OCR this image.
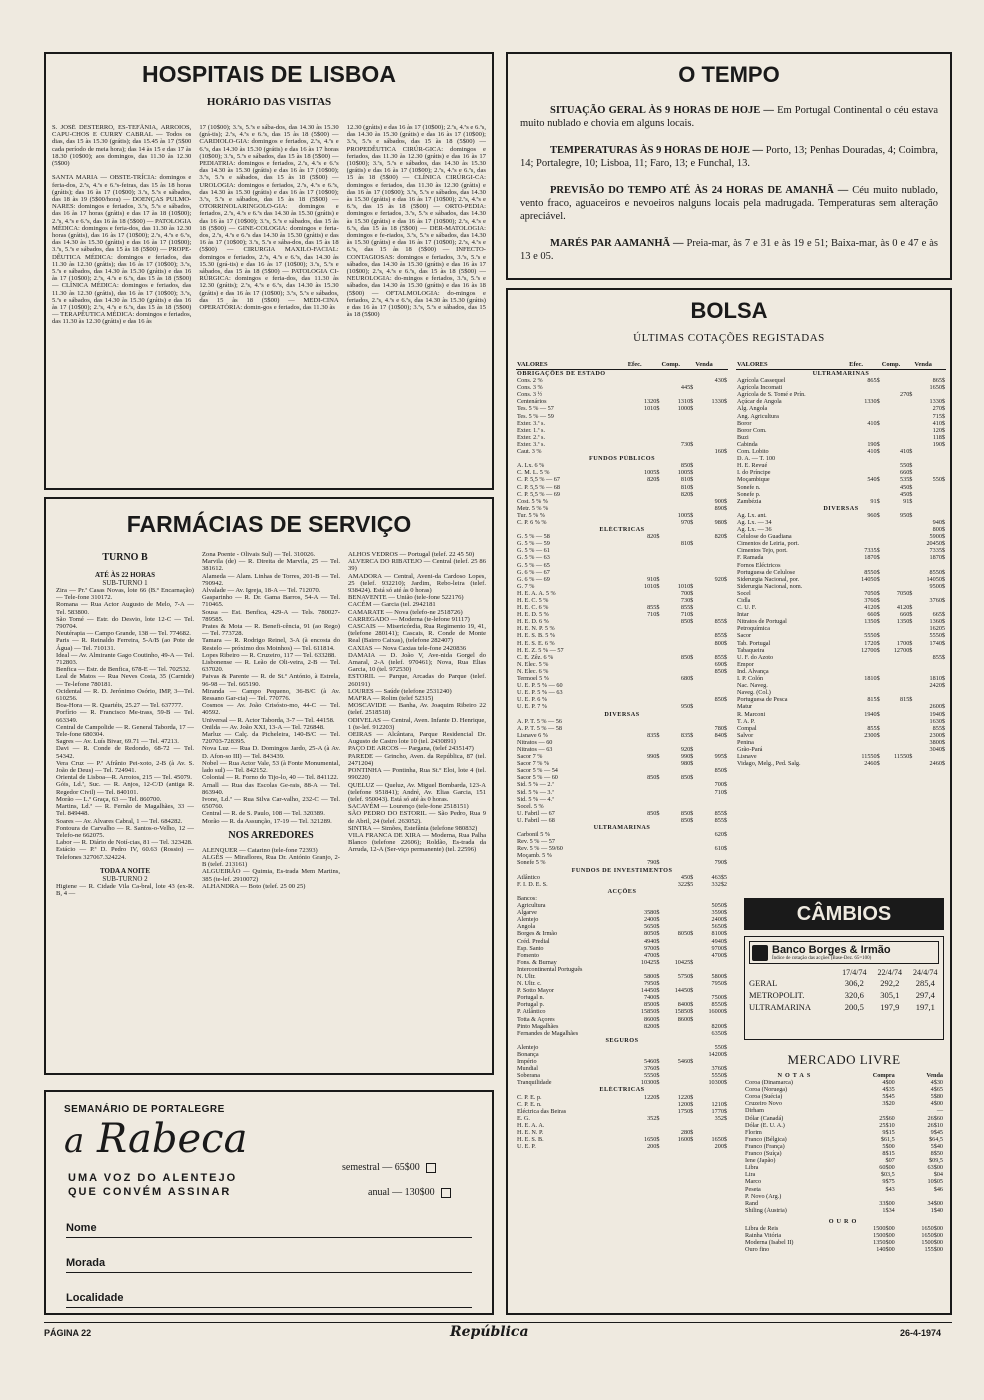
HOSPITAIS DE LISBOA
HORÁRIO DAS VISITAS
S. JOSÉ DESTERRO, ES-TEFÂNIA, ARROIOS, CAPU-CHOS E CURRY CABRAL — Todos os dias, das 15 às 15.30 (grátis); das 15.45 às 17 (5$00 cada período de meia hora); das 14 às 15 e das 17 às 18.30 (10$00); aos domingos, das 11.30 às 12.30 (5$00)

SANTA MARIA — OBSTE-TRÍCIA: domingos e feria-dos, 2.ªs, 4.ªs e 6.ªs-feiras, das 15 às 18 horas (grátis); das 16 às 17 (10$00); 3.ªs, 5.ªs e sábados, das 18 às 19 (5$00/hora) — DOENÇAS PULMO-NARES: domingos e feriados, 3.ªs, 5.ªs e sábados, das 16 às 17 horas (grátis) e das 17 às 18 (10$00); 2.ªs, 4.ªs e 6.ªs, das 16 às 18 (5$00) — PATOLOGIA MÉDICA: domingos e feria-dos, das 11.30 às 12.30 horas (grátis), das 16 às 17 (10$00); 2.ªs, 4.ªs e 6.ªs, das 14.30 às 15.30 (grátis) e das 16 às 17 (10$00); 3.ªs, 5.ªs e sábados, das 15 às 18 (5$00) — PROPE-DÊUTICA MÉDICA: domingos e feriados, das 11.30 às 12.30 (grátis); das 16 às 17 (10$00); 3.ªs, 5.ªs e sábados, das 14.30 às 15.30 (grátis) e das 16 às 17 (10$00); 2.ªs, 4.ªs e 6.ªs, das 15 às 18 (5$00) — CLÍNICA MÉDICA: domingos e feriados, das 11.30 às 12.30 (grátis), das 16 às 17 (10$00); 3.ªs, 5.ªs e sábados, das 14.30 às 15.30 (grátis) e das 16 às 17 (10$00); 2.ªs, 4.ªs e 6.ªs, das 15 às 18 (5$00) — TERAPÊUTICA MÉDICA: domingos e feriados, das 11.30 às 12.30 (grátis) e das 16 às
17 (10$00); 3.ªs, 5.ªs e sába-dos, das 14.30 às 15.30 (grá-tis); 2.ªs, 4.ªs e 6.ªs, das 15 às 18 (5$00) — CARDIOLO-GIA: domingos e feriados, 2.ªs, 4.ªs e 6.ªs, das 14.30 às 15.30 (grátis) e das 16 às 17 horas (10$00); 3.ªs, 5.ªs e sábados, das 15 às 18 (5$00) — PEDIATRIA: domingos e feriados, 2.ªs, 4.ªs e 6.ªs das 14.30 às 15.30 (grátis) e das 16 às 17 (10$00); 3.ªs, 5.ªs e sábados, das 15 às 18 (5$00) — UROLOGIA: domingos e feriados, 2.ªs, 4.ªs e 6.ªs, das 14.30 às 15.30 (grátis) e das 16 às 17 (10$00); 3.ªs, 5.ªs e sábados, das 15 às 18 (5$00) — OTORRINOLARINGOLO-GIA: domingos e feriados, 2.ªs, 4.ªs e 6.ªs das 14.30 às 15.30 (grátis) e das 16 às 17 (10$00); 3.ªs, 5.ªs e sábados, das 15 às 18 (5$00) — GINE-COLOGIA: domingos e feria-dos, 2.ªs, 4.ªs e 6.ªs das 14.30 às 15.30 (grátis) e das 16 às 17 (10$00); 3.ªs, 5.ªs e sába-dos, das 15 às 18 (5$00) — CIRURGIA MAXILO-FACIAL: domingos e feriados, 2.ªs, 4.ªs e 6.ªs, das 14.30 às 15.30 (grá-tis) e das 16 às 17 (10$00); 3.ªs, 5.ªs e sábados, das 15 às 18 (5$00) — PATOLOGIA CI-RÚRGICA: domingos e feria-dos, das 11.30 às 12.30 (grátis); 2.ªs, 4.ªs e 6.ªs, das 14.30 às 15.30 (grátis) e das 16 às 17 (10$00); 3.ªs, 5.ªs e sábados, das 15 às 18 (5$00) — MEDI-CINA OPERATÓRIA: domin-gos e feriados, das 11.30 às
12.30 (grátis) e das 16 às 17 (10$00); 2.ªs, 4.ªs e 6.ªs, das 14.30 às 15.30 (grátis) e das 16 às 17 (10$00); 3.ªs, 5.ªs e sábados, das 15 às 18 (5$00) — PROPEDÊUTICA CIRÚR-GICA: domingos e feriados, das 11.30 às 12.30 (grátis) e das 16 às 17 (10$00); 3.ªs, 5.ªs e sábados, das 14.30 às 15.30 (grátis) e das 16 às 17 (10$00); 2.ªs, 4.ªs e 6.ªs, das 15 às 18 (5$00) — CLÍNICA CIRÚRGI-CA: domingos e feriados, das 11.30 às 12.30 (grátis) e das 16 às 17 (10$00); 3.ªs, 5.ªs e sábados, das 14.30 às 15.30 (grátis) e das 16 às 17 (10$00); 2.ªs, 4.ªs e 6.ªs, das 15 às 18 (5$00) — ORTO-PEDIA: domingos e feriados, 3.ªs, 5.ªs e sábados, das 14.30 às 15.30 (grátis) e das 16 às 17 (10$00); 2.ªs, 4.ªs e 6.ªs, das 15 às 18 (5$00) — DER-MATOLOGIA: domingos e fe-riados, 3.ªs, 5.ªs e sábados, das 14.30 às 15.30 (grátis) e das 16 às 17 (10$00); 2.ªs, 4.ªs e 6.ªs, das 15 às 18 (5$00) — INFECTO-CONTAGIOSAS: domingos e feriados, 3.ªs, 5.ªs e sábados, das 14.30 às 15.30 (grátis) e das 16 às 17 (10$00); 2.ªs, 4.ªs e 6.ªs, das 15 às 18 (5$00) — NEUROLOGIA: do-mingos e feriados, 3.ªs, 5.ªs e sábados, das 14.30 às 15.30 (grátis) e das 16 às 18 (5$00) — OFTALMOLOGIA: do-mingos e feriados, 2.ªs, 4.ªs e 6.ªs, das 14.30 às 15.30 (grátis) e das 16 às 17 (10$00); 3.ªs, 5.ªs e sábados, das 15 às 18 (5$00)
FARMÁCIAS DE SERVIÇO
TURNO B
ATÉ ÀS 22 HORAS
SUB-TURNO 1
Zira — Pr.ª Casas Novas, lote 66 (B.º Encarnação) — Tele-fone 310172.
Romana — Rua Actor Augusto de Melo, 7-A — Tel. 583800.
São Tomé — Estr. do Desvio, lote 12-C — Tel. 790704.
Neutérapia — Campo Grande, 138 — Tel. 774682.
Paris — R. Reinaldo Ferreira, 5-A/B (ao Pote de Água) — Tel. 710131.
Ideal — Av. Almirante Gago Coutinho, 49-A — Tel. 712803.
Benfica — Estr. de Benfica, 678-E — Tel. 702532.
Leal de Matos — Rua Neves Costa, 35 (Carnide) — Te-lefone 780181.
Ocidental — R. D. Jerónimo Osório, IMP, 3—Tel. 610256.
Boa-Hora — R. Quartéis, 25.27 — Tel. 637777.
Porfírio — R. Francisco Me-trass, 59-B — Tel. 663349.
Central de Campolide — R. General Taborda, 17 — Tele-fone 680304.
Sagres — Av. Luís Bivar, 69.71 — Tel. 47213.
Davi — R. Conde de Redondo, 68-72 — Tel. 54342.
Vera Cruz — P.ª Afrânio Pei-xoto, 2-B (à Av. S. João de Deus) — Tel. 724941.
Oriental de Lisboa—R. Arroios, 215 — Tel. 45079.
Góis, Ld.ª, Suc. — R. Anjos, 12-C/D (antiga R. Regedor Civil) — Tel. 840101.
Morão — L.º Graça, 63 — Tel. 860700.
Martins, Ld.ª — R. Fernão de Magalhães, 33 — Tel. 849448.
Soares — Av. Alvares Cabral, 1 — Tel. 684282.
Fontoura de Carvalho — R. Santos-o-Velho, 12 — Telefo-ne 662075.
Labor — R. Diário de Notí-cias, 81 — Tel. 323428.
Estácio — P.ª D. Pedro IV, 60.63 (Rossio) — Telefones 327067.324224.
TODA A NOITE
SUB-TURNO 2
Higiene — R. Cidade Vila Ca-bral, lote 43 (ex-R. B, 4 —
Zona Poente - Olivais Sul) — Tel. 310026.
Marvila (de) — R. Direita de Marvila, 25 — Tel. 381612.
Alameda — Alam. Linhas de Torres, 201-B — Tel. 790942.
Alvalade — Av. Igreja, 18-A — Tel. 712070.
Gasparinho — R. Dr. Gama Barros, 54-A — Tel. 710465.
Sousa — Est. Benfica, 429-A — Tels. 780027-789585.
Prates & Mota — R. Benefi-cência, 91 (ao Rego) — Tel. 773728.
Tamara — R. Rodrigo Reinel, 3-A (à encosta do Restelo — próximo dos Moinhos) — Tel. 611814.
Lopes Ribeiro — R. Cruzeiro, 117 — Tel. 633288.
Lisbonense — R. Leão de Oli-veira, 2-B — Tel. 637020.
Paivas & Parente — R. de St.º António, à Estrela, 96-98 — Tel. 665190.
Miranda — Campo Pequeno, 36-B/C (à Av. Ressano Gar-cia) — Tel. 770776.
Cosmos — Av. João Crisósto-mo, 44-C — Tel. 40592.
Universal — R. Actor Taborda, 3-7 — Tel. 44158.
Onilda — Av. João XXI, 13-A — Tel. 726848.
Marluz — Calç. da Picheleira, 140-B/C — Tel. 720703-728395.
Nova Luz — Rua D. Domingos Jardo, 25-A (à Av. D. Afon-so III) — Tel. 843439.
Nobel — Rua Actor Vale, 53 (à Fonte Monumental, lado sul) — Tel. 842152.
Colonial — R. Forno do Tijo-lo, 40 — Tel. 841122.
Arnall — Rua das Escolas Ge-rais, 88-A — Tel. 863940.
Ivone, Ld.ª — Rua Silva Car-valho, 232-C — Tel. 650760.
Central — R. de S. Paulo, 108 — Tel. 320389.
Morão — R. da Assunção, 17-19 — Tel. 321289.
NOS ARREDORES
ALENQUER — Catarino (tele-fone 72393)
ALGÉS — Miraflores, Rua Dr. António Granjo, 2-B (telef. 213161)
ALGUEIRÃO — Quimia, Es-trada Mem Martins, 385 (te-lef. 2910072)
ALHANDRA — Boto (telef. 25 00 25)
ALHOS VEDROS — Portugal (telef. 22 45 50)
ALVERCA DO RIBATEJO — Central (telef. 25 86 39)
AMADORA — Central, Aveni-da Cardoso Lopes, 25 (telef. 932210); Jardim, Rebo-leira (telef. 938424). Está só até às 0 horas)
BENAVENTE — União (tele-fone 522176)
CACÉM — Garcia (tel. 2942181
CAMARATE — Nova (telefo-ne 2518726)
CARREGADO — Moderna (te-lefone 91117)
CASCAIS — Misericórdia, Rua Regimento 19, 41, (telefone 280141); Cascais, R. Conde de Monte Real (Bairro Caixas), (telefone 282407)
CAXIAS — Nova Caxias tele-fone 2420836
DAMAIA — D. João V, Ave-nida Gorgel do Amaral, 2-A (telef. 970461); Nova, Rua Elias Garcia, 10 (tel. 972530)
ESTORIL — Parque, Arcadas do Parque (telef. 260191)
LOURES — Saúde (telefone 2531240)
MAFRA — Rolim (telef 52315)
MOSCAVIDE — Banha, Av. Joaquim Ribeiro 22 (telef. 2518518)
ODIVELAS — Central, Aven. Infante D. Henrique, 1 (te-lef. 912203)
OEIRAS — Alcântara, Parque Residencial Dr. Augusto de Castro lote 10 (tel. 2430891)
PAÇO DE ARCOS — Pargana, (telef 2435147)
PAREDE — Grincho, Aven. da República, 87 (tel. 2471204)
PONTINHA — Pontinha, Rua St.º Eloi, lote 4 (tel. 990220)
QUELUZ — Queluz, Av. Miguel Bombarda, 123-A (telefone 951841); André, Av. Elias Garcia, 151 (telef. 950043). Está só até às 0 horas.
SACAVÉM — Lourenço (tele-fone 2518151)
SÃO PEDRO DO ESTORIL — São Pedro, Rua 9 de Abril, 24 (telef. 263052).
SINTRA — Simões, Estefânia (telefone 980832)
VILA FRANCA DE XIRA — Moderna, Rua Palha Blanco (telefone 22606); Roldão, Es-trada da Arruda, 12-A (Ser-viço permanente) (tel. 22596)
SEMANÁRIO DE PORTALEGRE
a Rabeca
UMA VOZ DO ALENTEJO
QUE CONVÉM ASSINAR
semestral — 65$00
anual — 130$00
Nome
Morada
Localidade
O TEMPO

SITUAÇÃO GERAL ÀS 9 HORAS DE HOJE — Em Portugal Continental o céu estava muito nublado e chovia em alguns locais.

TEMPERATURAS ÀS 9 HORAS DE HOJE — Porto, 13; Penhas Douradas, 4; Coimbra, 14; Portalegre, 10; Lisboa, 11; Faro, 13; e Funchal, 13.

PREVISÃO DO TEMPO ATÉ ÀS 24 HORAS DE AMANHÃ — Céu muito nublado, vento fraco, aguaceiros e nevoeiros nalguns locais pela madrugada. Temperaturas sem alteração apreciável.

MARÉS PAR AAMANHÃ — Preia-mar, às 7 e 31 e às 19 e 51; Baixa-mar, às 0 e 47 e às 13 e 05.

BOLSA
ÚLTIMAS COTAÇÕES REGISTADAS
VALORES	Efec.	Comp.	Venda
OBRIGAÇÕES DE ESTADO			
Cons. 2 %			430$
Cons. 3 %		445$	
Cons. 3 ½			
Centenários	1320$	1310$	1330$
Tes. 5 % — 57	1010$	1000$	
Tes. 5 % — 59			
Exter. 3.ª s.			
Exter. 1.ª s.			
Exter. 2.ª s.			
Exter. 3.ª s.		730$	
Caut. 3 %			160$
FUNDOS PÚBLICOS			
A. Lx. 6 %		850$	
C. M. L. 5 %	1005$	1005$	
C. P. 5,5 % — 67	820$	810$	
C. P. 5,5 % — 68		810$	
C. P. 5,5 % — 69		820$	
Cost. 5 % %			900$
Metr. 5 % %			890$
Tur. 5 % %		1005$	
C. P. 6 % %		970$	980$
ELÉCTRICAS			
G. 5 % — 58	820$		820$
G. 5 % — 59		810$	
G. 5 % — 61			
G. 5 % — 63			
G. 5 % — 65			
G. 6 % — 67			
G. 6 % — 69	910$		920$
G. 7 %	1010$	1010$	
H. E. A. A. 5 %		700$	
H. E. C. 5 %		730$	
H. E. C. 6 %	855$	855$	
H. E. D. 5 %	710$	710$	
H. E. D. 6 %		850$	855$
H. E. N. P. 5 %			
H. E. S. B. 5 %			855$
H. E. S. E. 6 %			800$
H. E. Z. 5 % — 57			
C. E. Zêz. 6 %		850$	855$
N. Elec. 5 %			690$
N. Elec. 6 %			850$
Termoel 5 %		680$	
U. E. P. 5 % — 60			
U. E. P. 5 % — 63			
U. E. P. 6 %			850$
U. E. P. 7 %		950$	
DIVERSAS			
A. P. T. 5 % — 56			
A. P. T. 5 % — 58			780$
Lisnave 6 %	835$	835$	840$
Nitratos — 60			
Nitratos — 63		920$	
Sacor 7 %	990$	990$	995$
Sacor 7 % %		980$	
Sacor 5 % — 54			850$
Sacor 5 % — 60	850$	850$	
Sid. 5 % — 2.ª			700$
Sid. 5 % — 3.ª			710$
Sid. 5 % — 4.ª			
Socel. 5 %			
U. Fabril — 67	850$	850$	855$
U. Fabril — 68		850$	855$
ULTRAMARINAS			
Carbonil 5 %			620$
Rev. 5 % — 57			
Rev. 5 % — 59/60			610$
Moçamb. 5 %			
Sonefe 5 %	790$		790$
FUNDOS DE INVESTIMENTOS			
Atlântico		450$	463$5
F. I. D. E. S.		322$5	332$2
ACÇÕES			
Bancos:			
Agricultura			5050$
Algarve	3580$		3590$
Alentejo	2400$		2400$
Angola	5650$		5650$
Borges & Irmão	8050$	8050$	8100$
Créd. Predial	4940$		4940$
Esp. Santo	9700$		9700$
Fomento	4700$		4700$
Fons. & Burnay	10425$	10425$	
Intercontinental Português			
N. Ultr.	5800$	5750$	5800$
N. Ultr. c.	7950$		7950$
P. Sotto Mayor	14450$	14450$	
Portugal n.	7400$		7500$
Portugal p.	8500$	8400$	8550$
P. Atlântico	15850$	15850$	16000$
Totta & Açores	8600$	8600$	
Pinto Magalhães	8200$		8200$
Fernandes de Magalhães			6350$
SEGUROS			
Alentejo			550$
Bonança			14200$
Império	5460$	5460$	
Mundial	3760$		3760$
Soberana	5550$		5550$
Tranquilidade	10300$		10300$
ELÉCTRICAS			
C. P. E. p.	1220$	1220$	
C. P. E. n.		1200$	1210$
Eléctrica das Beiras		1750$	1770$
E. G.	352$		352$
H. E. A. A.			
H. E. N. P.		280$	
H. E. S. B.	1650$	1600$	1650$
U. E. P.	200$		200$
VALORES	Efec.	Comp.	Venda
ULTRAMARINAS			
Agrícola Cassequel	865$		865$
Agrícola Incomati			1650$
Agrícola de S. Tomé e Prín.		270$	
Açúcar de Angola	1330$		1330$
Alg. Angola			270$
Ang. Agricultura			715$
Boror	410$		410$
Boror Com.			120$
Buzi			118$
Cabinda	190$		190$
Com. Lobito	410$	410$	
D. A. — T. 100			
H. E. Revué		550$	
I. do Príncipe		660$	
Moçambique	540$	535$	550$
Sonefe n.		450$	
Sonefe p.		450$	
Zambézia	91$	91$	
DIVERSAS			
Ag. Lx. ant.	960$	950$	
Ag. Lx. — 34			940$
Ag. Lx. — 36			800$
Celulose do Guadiana			5900$
Cimentos de Leiria, port.			20450$
Cimentos Tejo, port.	7335$		7335$
F. Ramada	1870$		1870$
Fornos Eléctricos			
Portuguesa de Celulose	8550$		8550$
Siderurgia Nacional, por.	14050$		14050$
Siderurgia Nacional, nom.			9500$
Socel	7050$	7050$	
Cidla	3760$		3760$
C. U. F.	4120$	4120$	
Intar	660$	660$	665$
Nitratos de Portugal	1350$	1350$	1360$
Petroquímica			16205
Sacor	5550$		5550$
Tab. Portugal	1720$	1700$	1740$
Tabaqueira	12700$	12700$	
U. F. do Azoto			855$
Empor			
Ind. Alvança			
I. P. Colón	1810$		1810$
Nac. Naveg.			2420$
Naveg. (Col.)			
Portuguesa de Pesca	815$	815$	
Matur			2600$
R. Marconi	1940$		1940$
T. A. P.			1630$
Compal	855$		855$
Salvor	2300$		2300$
Penina			3800$
Grão-Pará			3040$
Lisnave	11550$	11550$	
Vidago, Melg., Ped. Salg.	2460$		2460$
CÂMBIOS
Banco Borges & Irmão
Índice de cotação das acções (Base-Dez. 65=100)
	17/4/74	22/4/74	24/4/74
GERAL	306,2	292,2	285,4
METROPOLIT.	320,6	305,1	297,4
ULTRAMARINA	200,5	197,9	197,1
MERCADO LIVRE
NOTAS	Compra	Venda
Coroa (Dinamarca)	4$00	4$30
Coroa (Noruega)	4$35	4$65
Coroa (Suécia)	5$45	5$80
Cruzeiro Novo	3$20	4$00
Dirham		—
Dólar (Canadá)	25$60	26$60
Dólar (E. U. A.)	25$10	26$10
Florim	9$15	9$45
Franco (Bélgica)	$61,5	$64,5
Franco (França)	5$00	5$40
Franco (Suíça)	8$15	8$50
Iene (Japão)	$07	$09,5
Libra	60$00	63$00
Lira	$03,5	$04
Marco	9$75	10$05
Peseta	$43	$46
P. Novo (Arg.)		
Rand	33$00	34$00
Shiling (Áustria)	1$34	1$40
OURO		
Libra de Reis	1500$00	1650$00
Rainha Vitória	1500$00	1650$00
Moderna (Isabel II)	1350$00	1500$00
Ouro fino	140$00	155$00
PÁGINA 22	República	26-4-1974
